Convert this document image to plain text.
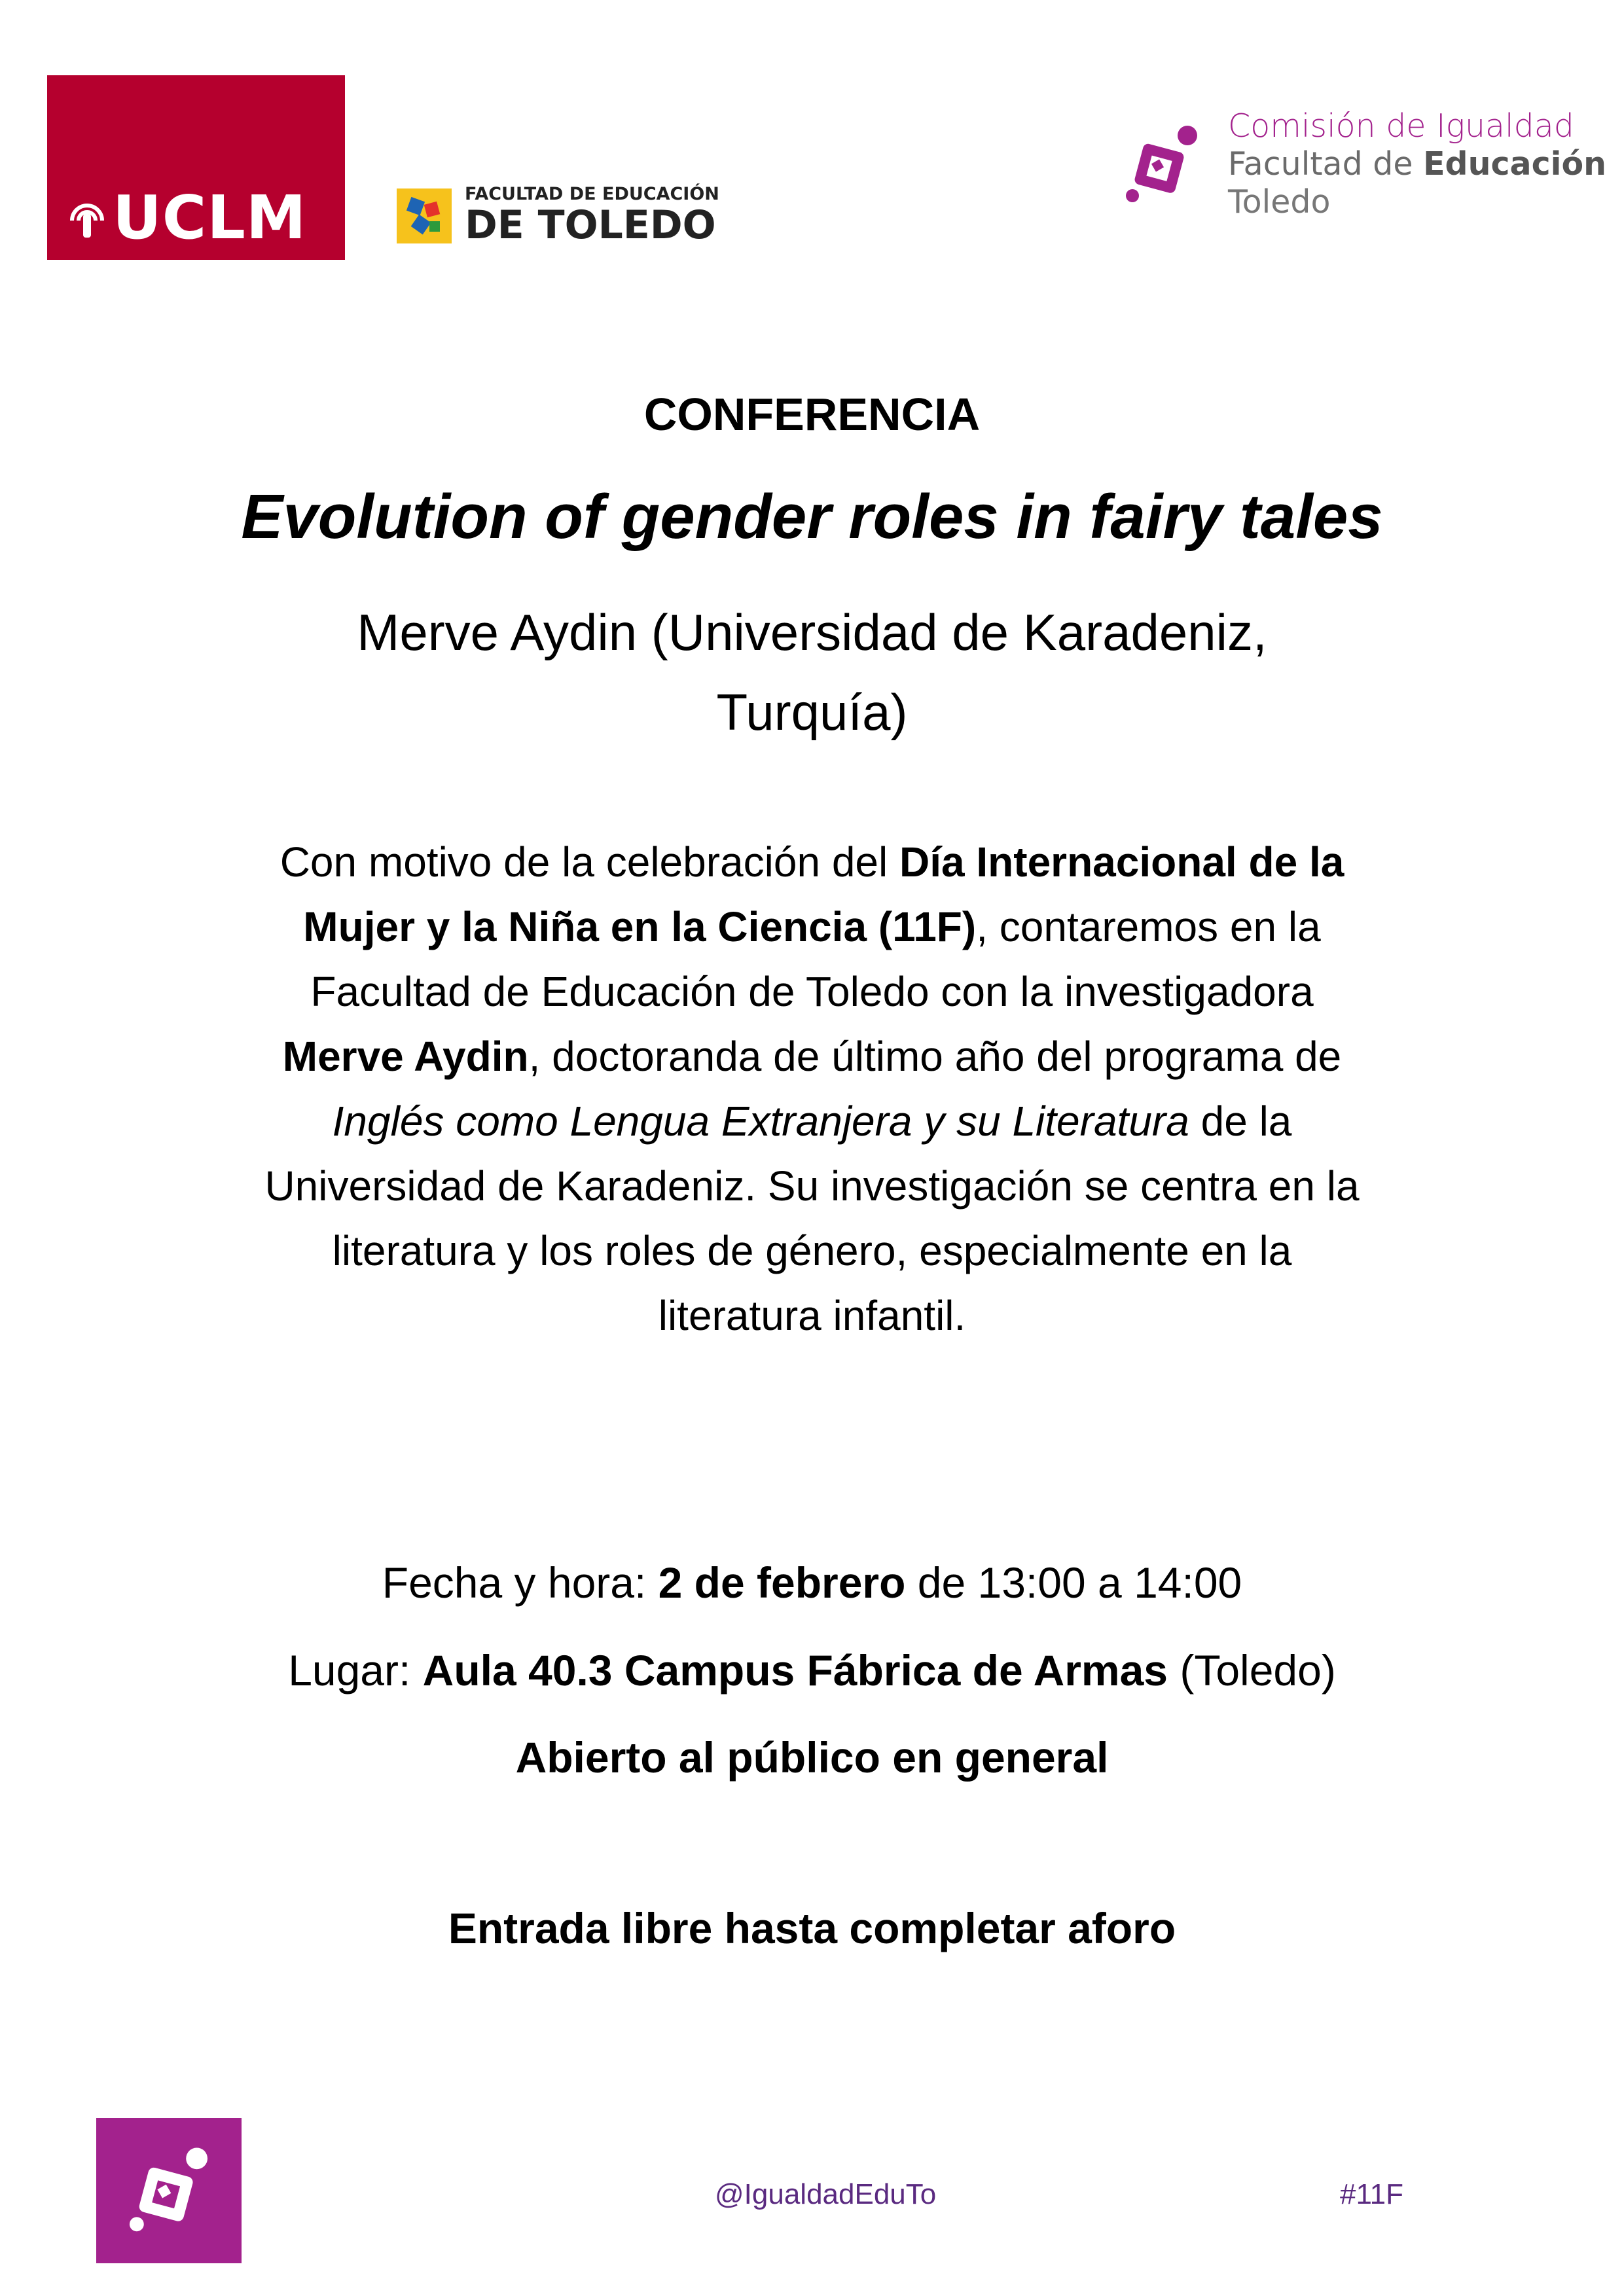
UCLM	FACULTAD DE EDUCACIÓN
DE TOLEDO
Comisión de Igualdad
Facultad de Educación
Toledo
CONFERENCIA
Evolution of gender roles in fairy tales
Merve Aydin (Universidad de Karadeniz,
Turquía)
Con motivo de la celebración del Día Internacional de la
Mujer y la Niña en la Ciencia (11F), contaremos en la
Facultad de Educación de Toledo con la investigadora
Merve Aydin, doctoranda de último año del programa de
Inglés como Lengua Extranjera y su Literatura de la
Universidad de Karadeniz. Su investigación se centra en la
literatura y los roles de género, especialmente en la
literatura infantil.
Fecha y hora: 2 de febrero de 13:00 a 14:00
Lugar: Aula 40.3 Campus Fábrica de Armas (Toledo)
Abierto al público en general
Entrada libre hasta completar aforo
@IgualdadEduTo	#11F
